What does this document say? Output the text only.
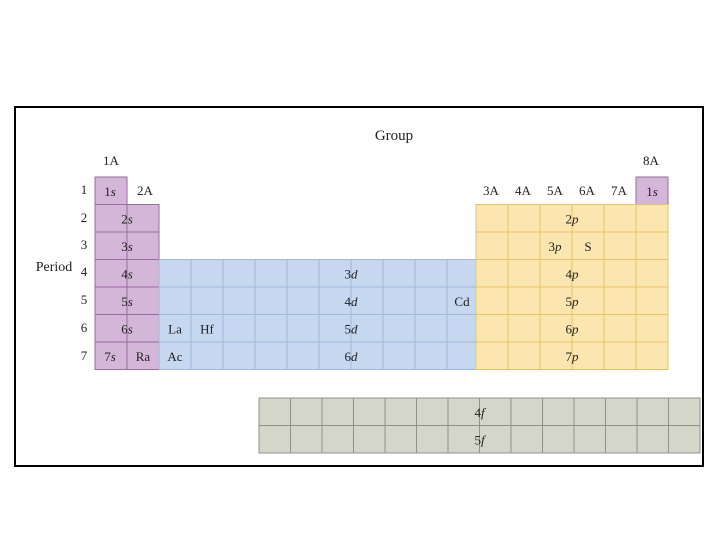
Group
Period
1A
2A	3A 4A 5A 6A 7A
8A
1
2
3
4
5
6
7
1s
2s
3s
4s
5s
6s
7s
1s
3d
4d
5d
6d
2p
3p
4p
5p
6p
7p
4f
5f
Ra
La Hf
Ac
Cd
S
